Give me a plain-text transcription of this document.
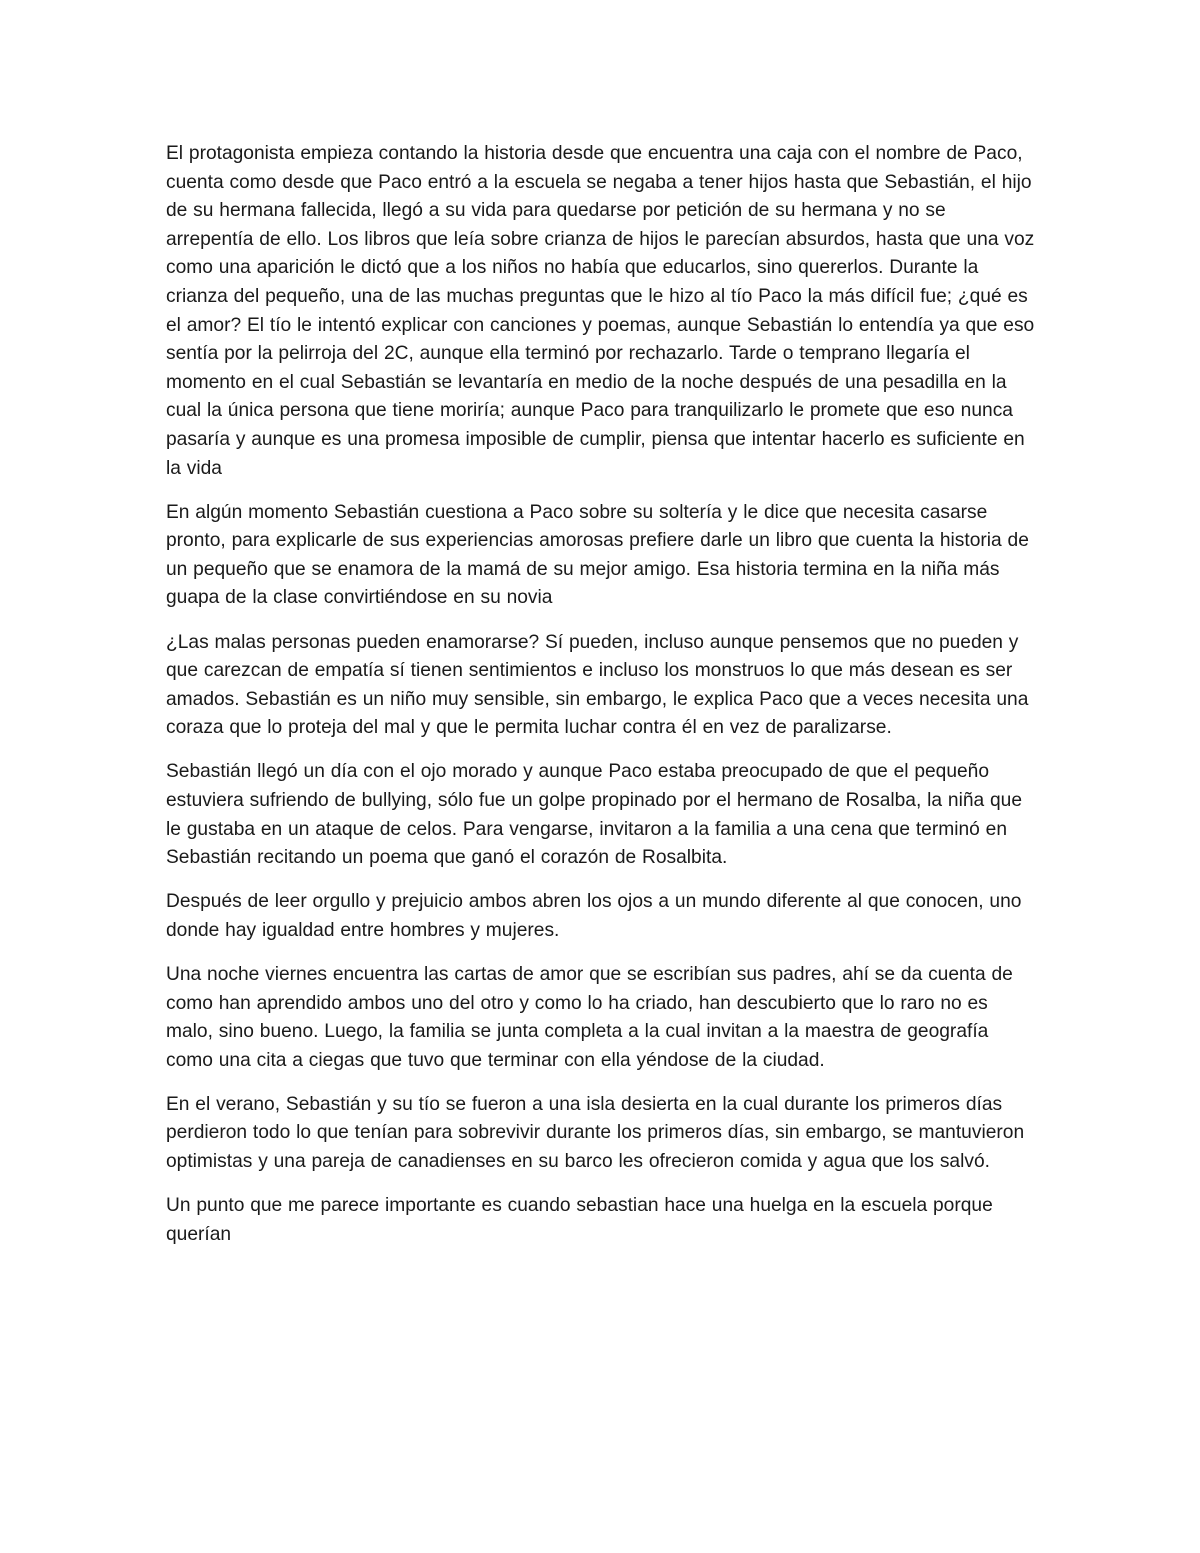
El protagonista empieza contando la historia desde que encuentra una caja con el nombre de Paco, cuenta como desde que Paco entró a la escuela se negaba a tener hijos hasta que Sebastián, el hijo de su hermana fallecida, llegó a su vida para quedarse por petición de su hermana y no se arrepentía de ello. Los libros que leía sobre crianza de hijos le parecían absurdos, hasta que una voz como una aparición le dictó que a los niños no había que educarlos, sino quererlos. Durante la crianza del pequeño, una de las muchas preguntas que le hizo al tío Paco la más difícil fue; ¿qué es el amor? El tío le intentó explicar con canciones y poemas, aunque Sebastián lo entendía ya que eso sentía por la pelirroja del 2C, aunque ella terminó por rechazarlo. Tarde o temprano llegaría el momento en el cual Sebastián se levantaría en medio de la noche después de una pesadilla en la cual la única persona que tiene moriría; aunque Paco para tranquilizarlo le promete que eso nunca pasaría y aunque es una promesa imposible de cumplir, piensa que intentar hacerlo es suficiente en la vida

En algún momento Sebastián cuestiona a Paco sobre su soltería y le dice que necesita casarse pronto, para explicarle de sus experiencias amorosas prefiere darle un libro que cuenta la historia de un pequeño que se enamora de la mamá de su mejor amigo. Esa historia termina en la niña más guapa de la clase convirtiéndose en su novia

¿Las malas personas pueden enamorarse? Sí pueden, incluso aunque pensemos que no pueden y que carezcan de empatía sí tienen sentimientos e incluso los monstruos lo que más desean es ser amados. Sebastián es un niño muy sensible, sin embargo, le explica Paco que a veces necesita una coraza que lo proteja del mal y que le permita luchar contra él en vez de paralizarse.

Sebastián llegó un día con el ojo morado y aunque Paco estaba preocupado de que el pequeño estuviera sufriendo de bullying, sólo fue un golpe propinado por el hermano de Rosalba, la niña que le gustaba en un ataque de celos. Para vengarse, invitaron a la familia a una cena que terminó en Sebastián recitando un poema que ganó el corazón de Rosalbita.

Después de leer orgullo y prejuicio ambos abren los ojos a un mundo diferente al que conocen, uno donde hay igualdad entre hombres y mujeres.

Una noche viernes encuentra las cartas de amor que se escribían sus padres, ahí se da cuenta de como han aprendido ambos uno del otro y como lo ha criado, han descubierto que lo raro no es malo, sino bueno. Luego, la familia se junta completa a la cual invitan a la maestra de geografía como una cita a ciegas que tuvo que terminar con ella yéndose de la ciudad.

En el verano, Sebastián y su tío se fueron a una isla desierta en la cual durante los primeros días perdieron todo lo que tenían para sobrevivir durante los primeros días, sin embargo, se mantuvieron optimistas y una pareja de canadienses en su barco les ofrecieron comida y agua que los salvó.

Un punto que me parece importante es cuando sebastian hace una huelga en la escuela porque querían
